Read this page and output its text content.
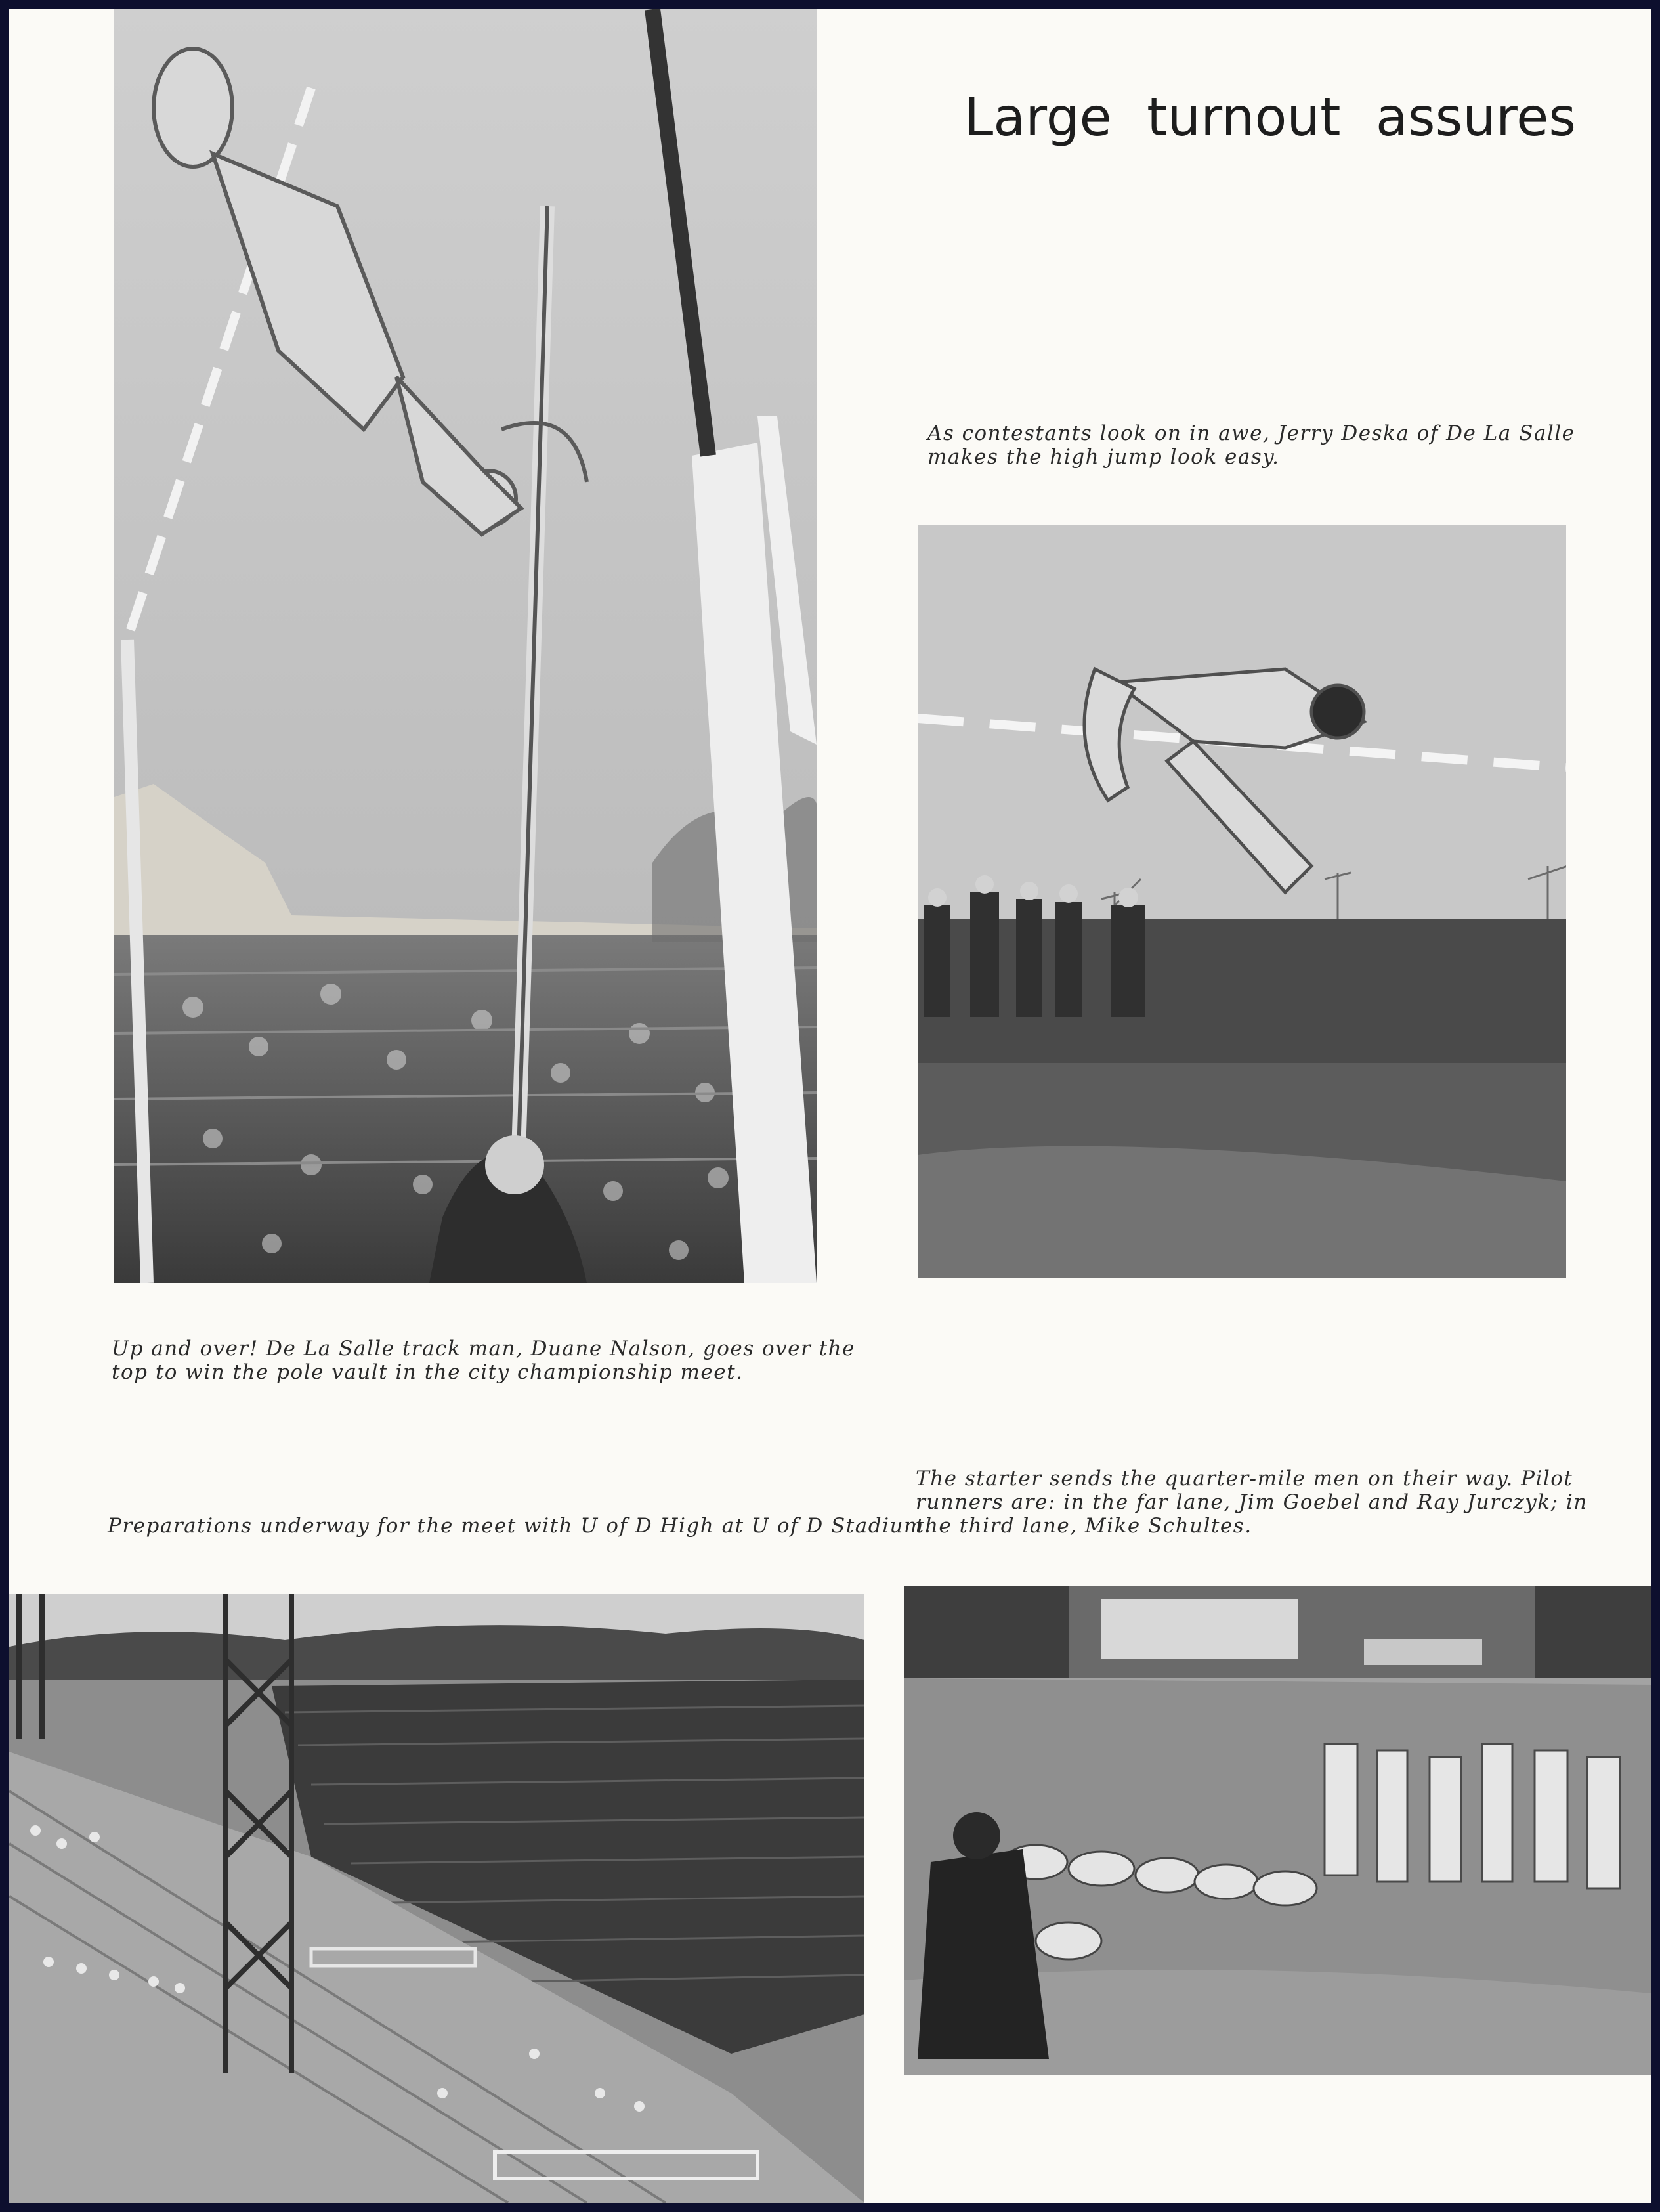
Large turnout assures

As contestants look on in awe, Jerry Deska of De La Salle
makes the high jump look easy.

Up and over! De La Salle track man, Duane Nalson, goes over the
top to win the pole vault in the city championship meet.

Preparations underway for the meet with U of D High at U of D Stadium.

The starter sends the quarter-mile men on their way. Pilot
runners are: in the far lane, Jim Goebel and Ray Jurczyk; in
the third lane, Mike Schultes.
